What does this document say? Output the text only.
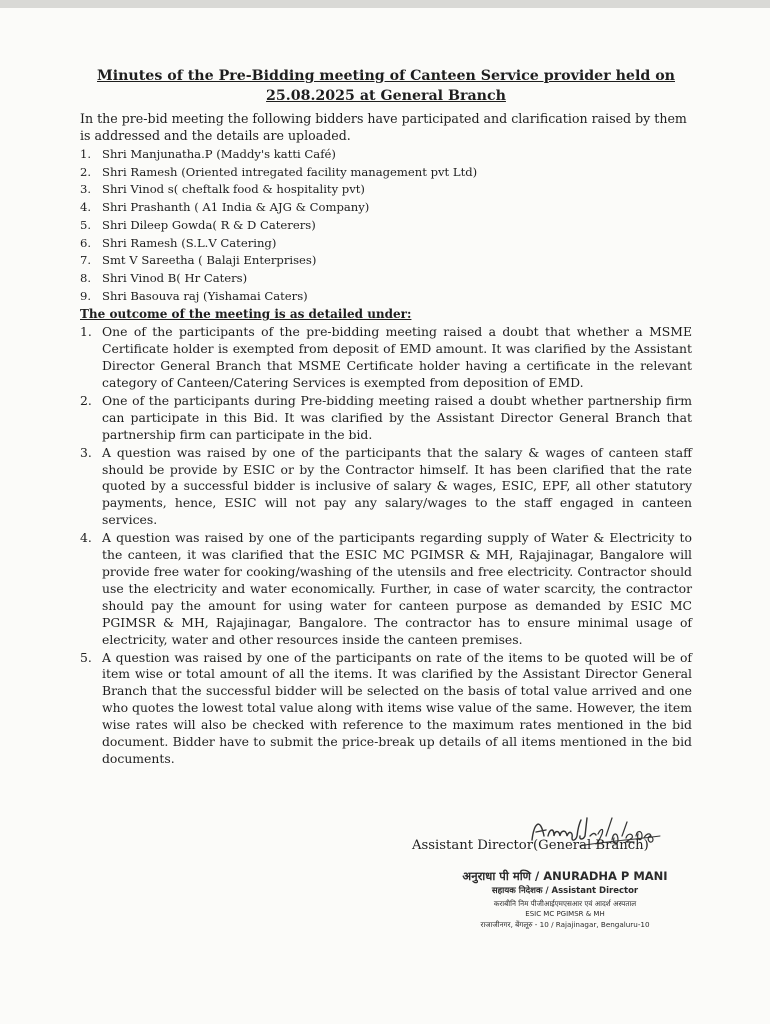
Minutes of the Pre-Bidding meeting of Canteen Service provider held on
25.08.2025 at General Branch

In the pre-bid meeting the following bidders have participated and clarification raised by them is addressed and the details are uploaded.

1. Shri Manjunatha.P (Maddy's katti Café)
2. Shri Ramesh (Oriented intregated facility management pvt Ltd)
3. Shri Vinod s( cheftalk food & hospitality pvt)
4. Shri Prashanth ( A1 India & AJG & Company)
5. Shri Dileep Gowda( R & D Caterers)
6. Shri Ramesh (S.L.V Catering)
7. Smt V Sareetha ( Balaji Enterprises)
8. Shri Vinod B( Hr Caters)
9. Shri Basouva raj (Yishamai Caters)
The outcome of the meeting is as detailed under:
1. One of the participants of the pre-bidding meeting raised a doubt that whether a MSME Certificate holder is exempted from deposit of EMD amount. It was clarified by the Assistant Director General Branch that MSME Certificate holder having a certificate in the relevant category of Canteen/Catering Services is exempted from deposition of EMD.
2. One of the participants during Pre-bidding meeting raised a doubt whether partnership firm can participate in this Bid. It was clarified by the Assistant Director General Branch that partnership firm can participate in the bid.
3. A question was raised by one of the participants that the salary & wages of canteen staff should be provide by ESIC or by the Contractor himself. It has been clarified that the rate quoted by a successful bidder is inclusive of salary & wages, ESIC, EPF, all other statutory payments, hence, ESIC will not pay any salary/wages to the staff engaged in canteen services.
4. A question was raised by one of the participants regarding supply of Water & Electricity to the canteen, it was clarified that the ESIC MC PGIMSR & MH, Rajajinagar, Bangalore will provide free water for cooking/washing of the utensils and free electricity. Contractor should use the electricity and water economically. Further, in case of water scarcity, the contractor should pay the amount for using water for canteen purpose as demanded by ESIC MC PGIMSR & MH, Rajajinagar, Bangalore. The contractor has to ensure minimal usage of electricity, water and other resources inside the canteen premises.
5. A question was raised by one of the participants on rate of the items to be quoted will be of item wise or total amount of all the items. It was clarified by the Assistant Director General Branch that the successful bidder will be selected on the basis of total value arrived and one who quotes the lowest total value along with items wise value of the same. However, the item wise rates will also be checked with reference to the maximum rates mentioned in the bid document. Bidder have to submit the price-break up details of all items mentioned in the bid documents.
Assistant Director(General Branch)
अनुराधा पी मणि / ANURADHA P MANI
सहायक निदेशक / Assistant Director
कराबीनि निम पीजीआईएमएसआर एवं आदर्श अस्पताल
ESIC MC PGIMSR & MH
राजाजीनगर, बेंगलूरु - 10 / Rajajinagar, Bengaluru-10
